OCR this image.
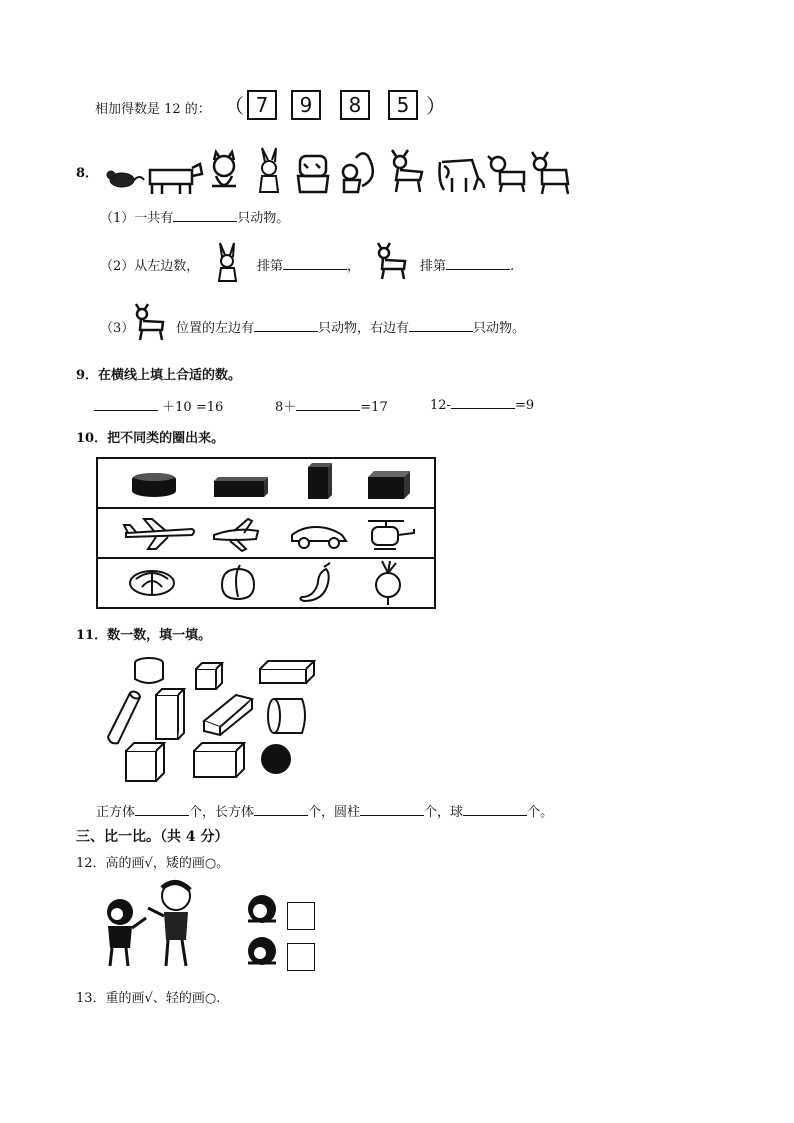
相加得数是 12 的： （ 7	9	8	5 ）
8．
（1）一共有	只动物。
（2）从左边数，	排第	，	排第	.
（3）	位置的左边有	只动物，右边有	只动物。
9．在横线上填上合适的数。
＋10 =16	8＋	=17	12-	=9
10．把不同类的圈出来。
11．数一数，填一填。
正方体	个，长方体	个，圆柱	个，球	个。
三、比一比。（共 4 分）
12．高的画√，矮的画○。
13．重的画√、轻的画○.
